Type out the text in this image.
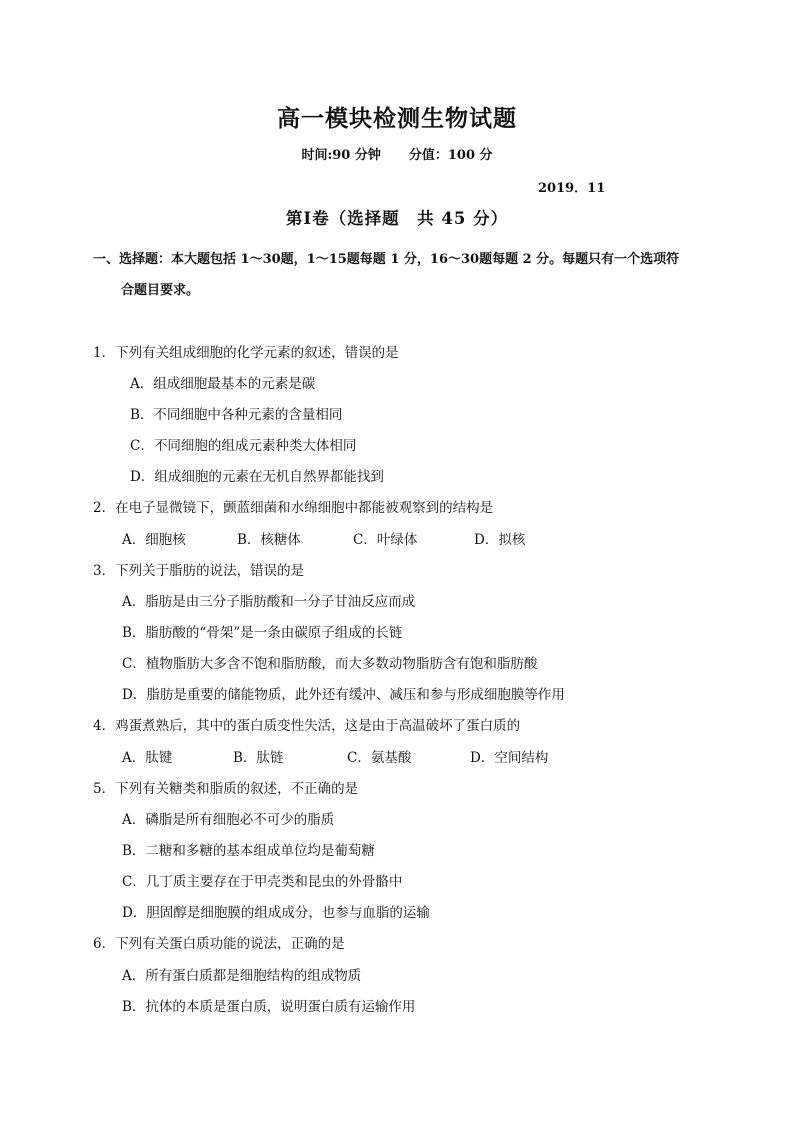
高一模块检测生物试题
时间:90 分钟 分值：100 分
2019．11
第Ⅰ卷（选择题　共 45 分）
一、选择题：本大题包括 1～30题，1～15题每题 1 分，16～30题每题 2 分。每题只有一个选项符
合题目要求。
1．下列有关组成细胞的化学元素的叙述，错误的是
A．组成细胞最基本的元素是碳
B．不同细胞中各种元素的含量相同
C．不同细胞的组成元素种类大体相同
D．组成细胞的元素在无机自然界都能找到
2．在电子显微镜下，颤蓝细菌和水绵细胞中都能被观察到的结构是
A．细胞核	B．核糖体	C．叶绿体	D．拟核
3．下列关于脂肪的说法，错误的是
A．脂肪是由三分子脂肪酸和一分子甘油反应而成
B．脂肪酸的“骨架”是一条由碳原子组成的长链
C．植物脂肪大多含不饱和脂肪酸，而大多数动物脂肪含有饱和脂肪酸
D．脂肪是重要的储能物质，此外还有缓冲、减压和参与形成细胞膜等作用
4．鸡蛋煮熟后，其中的蛋白质变性失活，这是由于高温破坏了蛋白质的
A．肽键	B．肽链	C．氨基酸	D．空间结构
5．下列有关糖类和脂质的叙述，不正确的是
A．磷脂是所有细胞必不可少的脂质
B．二糖和多糖的基本组成单位均是葡萄糖
C．几丁质主要存在于甲壳类和昆虫的外骨骼中
D．胆固醇是细胞膜的组成成分，也参与血脂的运输
6．下列有关蛋白质功能的说法，正确的是
A．所有蛋白质都是细胞结构的组成物质
B．抗体的本质是蛋白质，说明蛋白质有运输作用
